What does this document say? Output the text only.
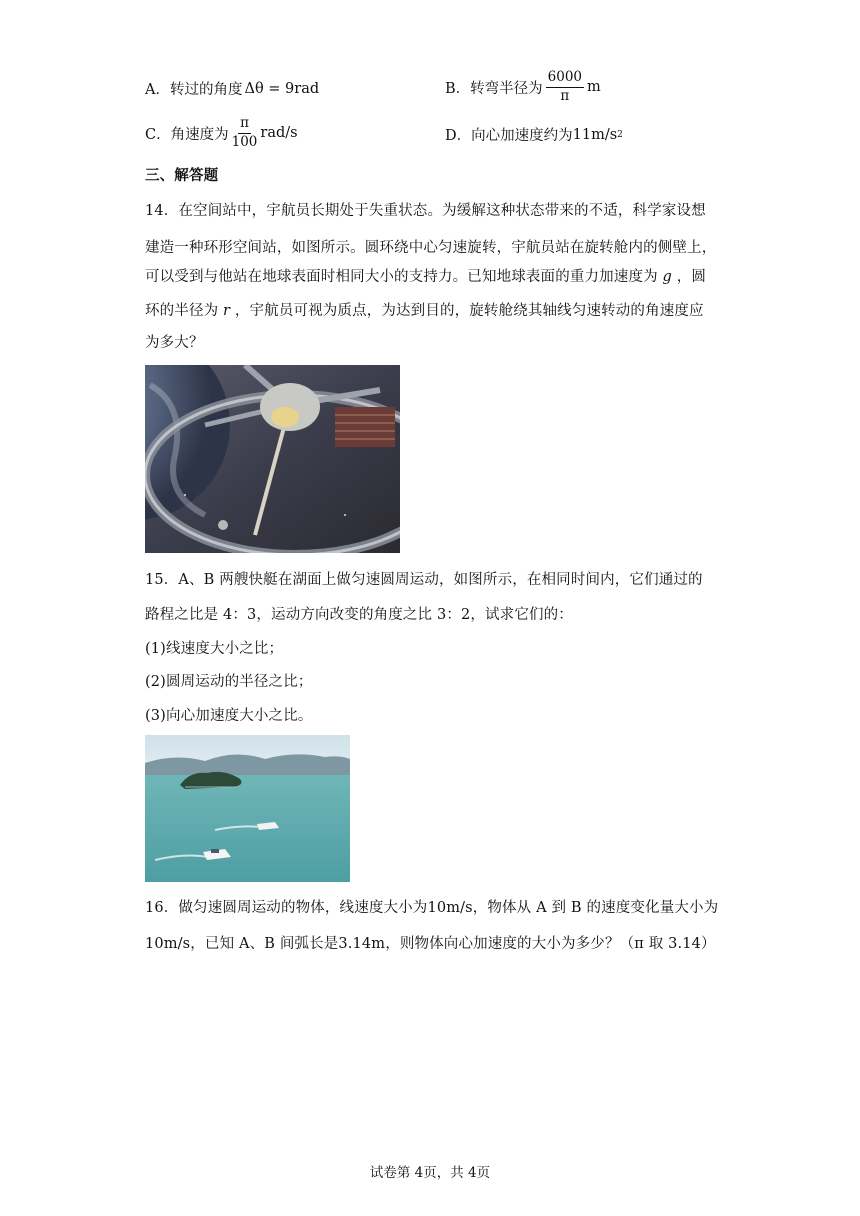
A．转过的角度 Δθ = 9rad	B．转弯半径为 $\frac{6000}{\pi}$ m
C．角速度为 $\frac{\pi}{100} rad/s$	D．向心加速度约为 11m/s 2
三、解答题
14．在空间站中，宇航员长期处于失重状态。为缓解这种状态带来的不适，科学家设想
建造一种环形空间站，如图所示。圆环绕中心匀速旋转，宇航员站在旋转舱内的侧壁上，
可以受到与他站在地球表面时相同大小的支持力。已知地球表面的重力加速度为 g ，圆
环的半径为 r ，宇航员可视为质点，为达到目的，旋转舱绕其轴线匀速转动的角速度应
为多大？
15．A、B 两艘快艇在湖面上做匀速圆周运动，如图所示，在相同时间内，它们通过的
路程之比是 4：3，运动方向改变的角度之比 3：2，试求它们的：
(1)线速度大小之比；
(2)圆周运动的半径之比；
(3)向心加速度大小之比。
16．做匀速圆周运动的物体，线速度大小为10m/s，物体从 A 到 B 的速度变化量大小为
10m/s，已知 A、B 间弧长是3.14m，则物体向心加速度的大小为多少？（π 取 3.14）
试卷第 4页，共 4页
